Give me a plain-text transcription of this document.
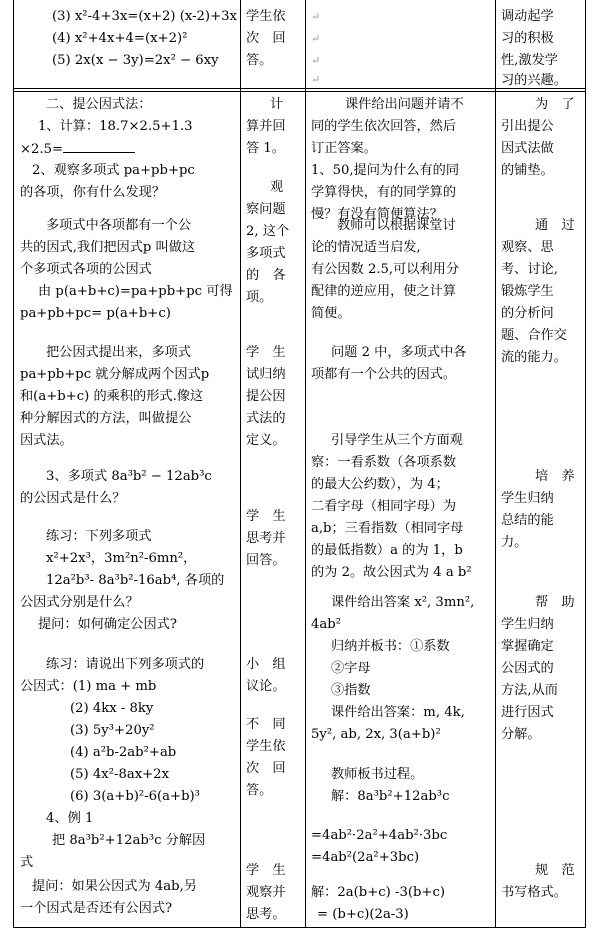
(3) x²-4+3x=(x+2) (x-2)+3x
(4) x²+4x+4=(x+2)²
(5) 2x(x − 3y)=2x² − 6xy
学生依
次　回
答。
↵
↵
↵
↵
调动起学
习的积极
性,激发学
习的兴趣。
二、提公因式法：
1、计算：18.7×2.5+1.3
×2.5=
2、观察多项式 pa+pb+pc
的各项，你有什么发现？
多项式中各项都有一个公
共的因式,我们把因式p 叫做这
个多项式各项的公因式
由 p(a+b+c)=pa+pb+pc 可得
pa+pb+pc= p(a+b+c)
把公因式提出来，多项式
pa+pb+pc 就分解成两个因式p
和(a+b+c) 的乘积的形式.像这
种分解因式的方法，叫做提公
因式法。
3、多项式 8a³b² − 12ab³c
的公因式是什么？
练习：下列多项式
x²+2x³，3m²n²-6mn²，
12a²b³- 8a³b²-16ab⁴, 各项的
公因式分别是什么？
提问：如何确定公因式?
练习：请说出下列多项式的
公因式：(1) ma + mb
(2) 4kx - 8ky
(3) 5y³+20y²
(4) a²b-2ab²+ab
(5) 4x²-8ax+2x
(6) 3(a+b)²-6(a+b)³
4、例 1
把 8a³b²+12ab³c 分解因
式
提问：如果公因式为 4ab,另
一个因式是否还有公因式?
计
算并回
答 1。
观
察问题
2, 这个
多项式
的　各
项。
学　生
试归纳
提公因
式法的
定义。
学　生
思考并
回答。
小　组
议论。
不　同
学生依
次　回
答。
学　生
观察并
思考。
课件给出问题并请不
同的学生依次回答，然后
订正答案。
1、50,提问为什么有的同
学算得快，有的同学算的
慢？有没有简便算法？
教师可以根据课堂讨
论的情况适当启发,
有公因数 2.5,可以利用分
配律的逆应用，使之计算
简便。
问题 2 中，多项式中各
项都有一个公共的因式。
引导学生从三个方面观
察：一看系数（各项系数
的最大公约数），为 4；
二看字母（相同字母）为
a,b；三看指数（相同字母
的最低指数）a 的为 1，b
的为 2。故公因式为 4 a b²
课件给出答案 x², 3mn²,
4ab²
归纳并板书：①系数
②字母
③指数
课件给出答案：m, 4k,
5y², ab, 2x, 3(a+b)²
教师板书过程。
解：8a³b²+12ab³c
=4ab²·2a²+4ab²·3bc
=4ab²(2a²+3bc)
解：2a(b+c) -3(b+c)
= (b+c)(2a-3)
为　了
引出提公
因式法做
的铺垫。
通　过
观察、思
考、讨论,
锻炼学生
的分析问
题、合作交
流的能力。
培　养
学生归纳
总结的能
力。
帮　助
学生归纳
掌握确定
公因式的
方法,从而
进行因式
分解。
规　范
书写格式。
